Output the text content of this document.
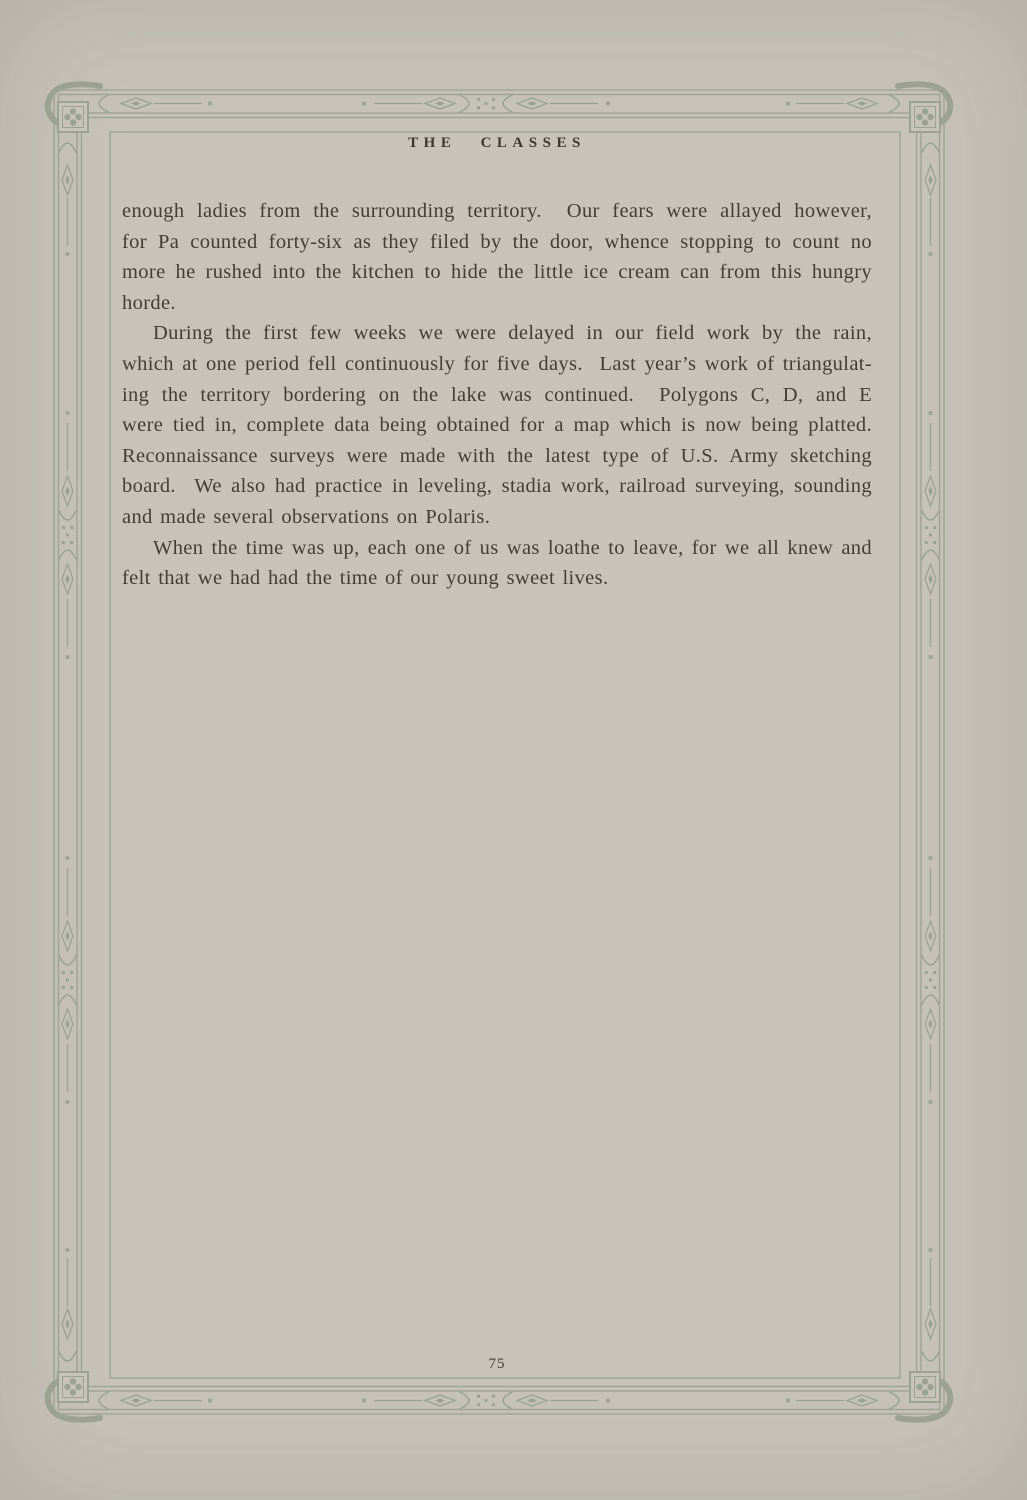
THE CLASSES
enough ladies from the surrounding territory.  Our fears were allayed however,
for Pa counted forty-six as they filed by the door, whence stopping to count no
more he rushed into the kitchen to hide the little ice cream can from this hungry
horde.
During the first few weeks we were delayed in our field work by the rain,
which at one period fell continuously for five days.  Last year’s work of triangulat-
ing the territory bordering on the lake was continued.  Polygons C, D, and E
were tied in, complete data being obtained for a map which is now being platted.
Reconnaissance surveys were made with the latest type of U.S. Army sketching
board.  We also had practice in leveling, stadia work, railroad surveying, sounding
and made several observations on Polaris.
When the time was up, each one of us was loathe to leave, for we all knew and
felt that we had had the time of our young sweet lives.
75
